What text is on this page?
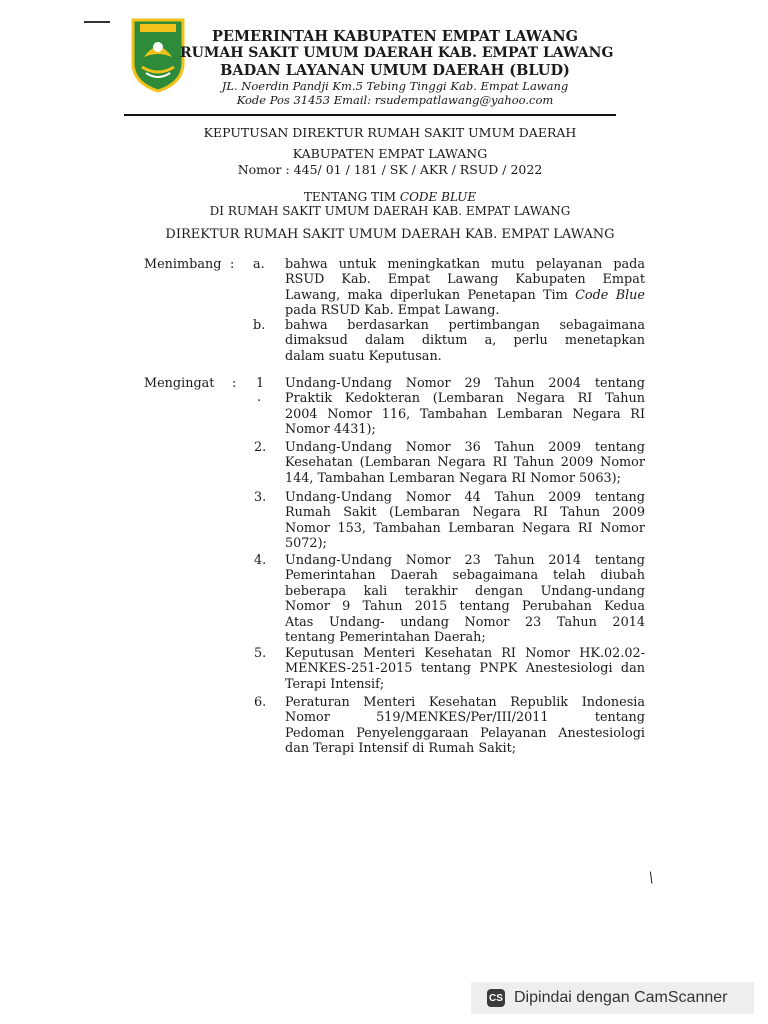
PEMERINTAH KABUPATEN EMPAT LAWANG
RUMAH SAKIT UMUM DAERAH KAB. EMPAT LAWANG
BADAN LAYANAN UMUM DAERAH (BLUD)
JL. Noerdin Pandji Km.5 Tebing Tinggi Kab. Empat Lawang
Kode Pos 31453 Email: rsudempatlawang@yahoo.com
KEPUTUSAN DIREKTUR RUMAH SAKIT UMUM DAERAH
KABUPATEN EMPAT LAWANG
Nomor : 445/ 01 / 181 / SK / AKR / RSUD / 2022
TENTANG TIM CODE BLUE
DI RUMAH SAKIT UMUM DAERAH KAB. EMPAT LAWANG
DIREKTUR RUMAH SAKIT UMUM DAERAH KAB. EMPAT LAWANG
Menimbang : a. bahwa untuk meningkatkan mutu pelayanan pada
RSUD Kab. Empat Lawang Kabupaten Empat
Lawang, maka diperlukan Penetapan Tim Code Blue
pada RSUD Kab. Empat Lawang.
b. bahwa berdasarkan pertimbangan sebagaimana
dimaksud dalam diktum a, perlu menetapkan
dalam suatu Keputusan.
Mengingat : 1
.
Undang-Undang Nomor 29 Tahun 2004 tentang
Praktik Kedokteran (Lembaran Negara RI Tahun
2004 Nomor 116, Tambahan Lembaran Negara RI
Nomor 4431);
2. Undang-Undang Nomor 36 Tahun 2009 tentang
Kesehatan (Lembaran Negara RI Tahun 2009 Nomor
144, Tambahan Lembaran Negara RI Nomor 5063);
3. Undang-Undang Nomor 44 Tahun 2009 tentang
Rumah Sakit (Lembaran Negara RI Tahun 2009
Nomor 153, Tambahan Lembaran Negara RI Nomor
5072);
4. Undang-Undang Nomor 23 Tahun 2014 tentang
Pemerintahan Daerah sebagaimana telah diubah
beberapa kali terakhir dengan Undang-undang
Nomor 9 Tahun 2015 tentang Perubahan Kedua
Atas Undang- undang Nomor 23 Tahun 2014
tentang Pemerintahan Daerah;
5. Keputusan Menteri Kesehatan RI Nomor HK.02.02-
MENKES-251-2015 tentang PNPK Anestesiologi dan
Terapi Intensif;
6. Peraturan Menteri Kesehatan Republik Indonesia
Nomor 519/MENKES/Per/III/2011 tentang
Pedoman Penyelenggaraan Pelayanan Anestesiologi
dan Terapi Intensif di Rumah Sakit;
/
CS Dipindai dengan CamScanner
